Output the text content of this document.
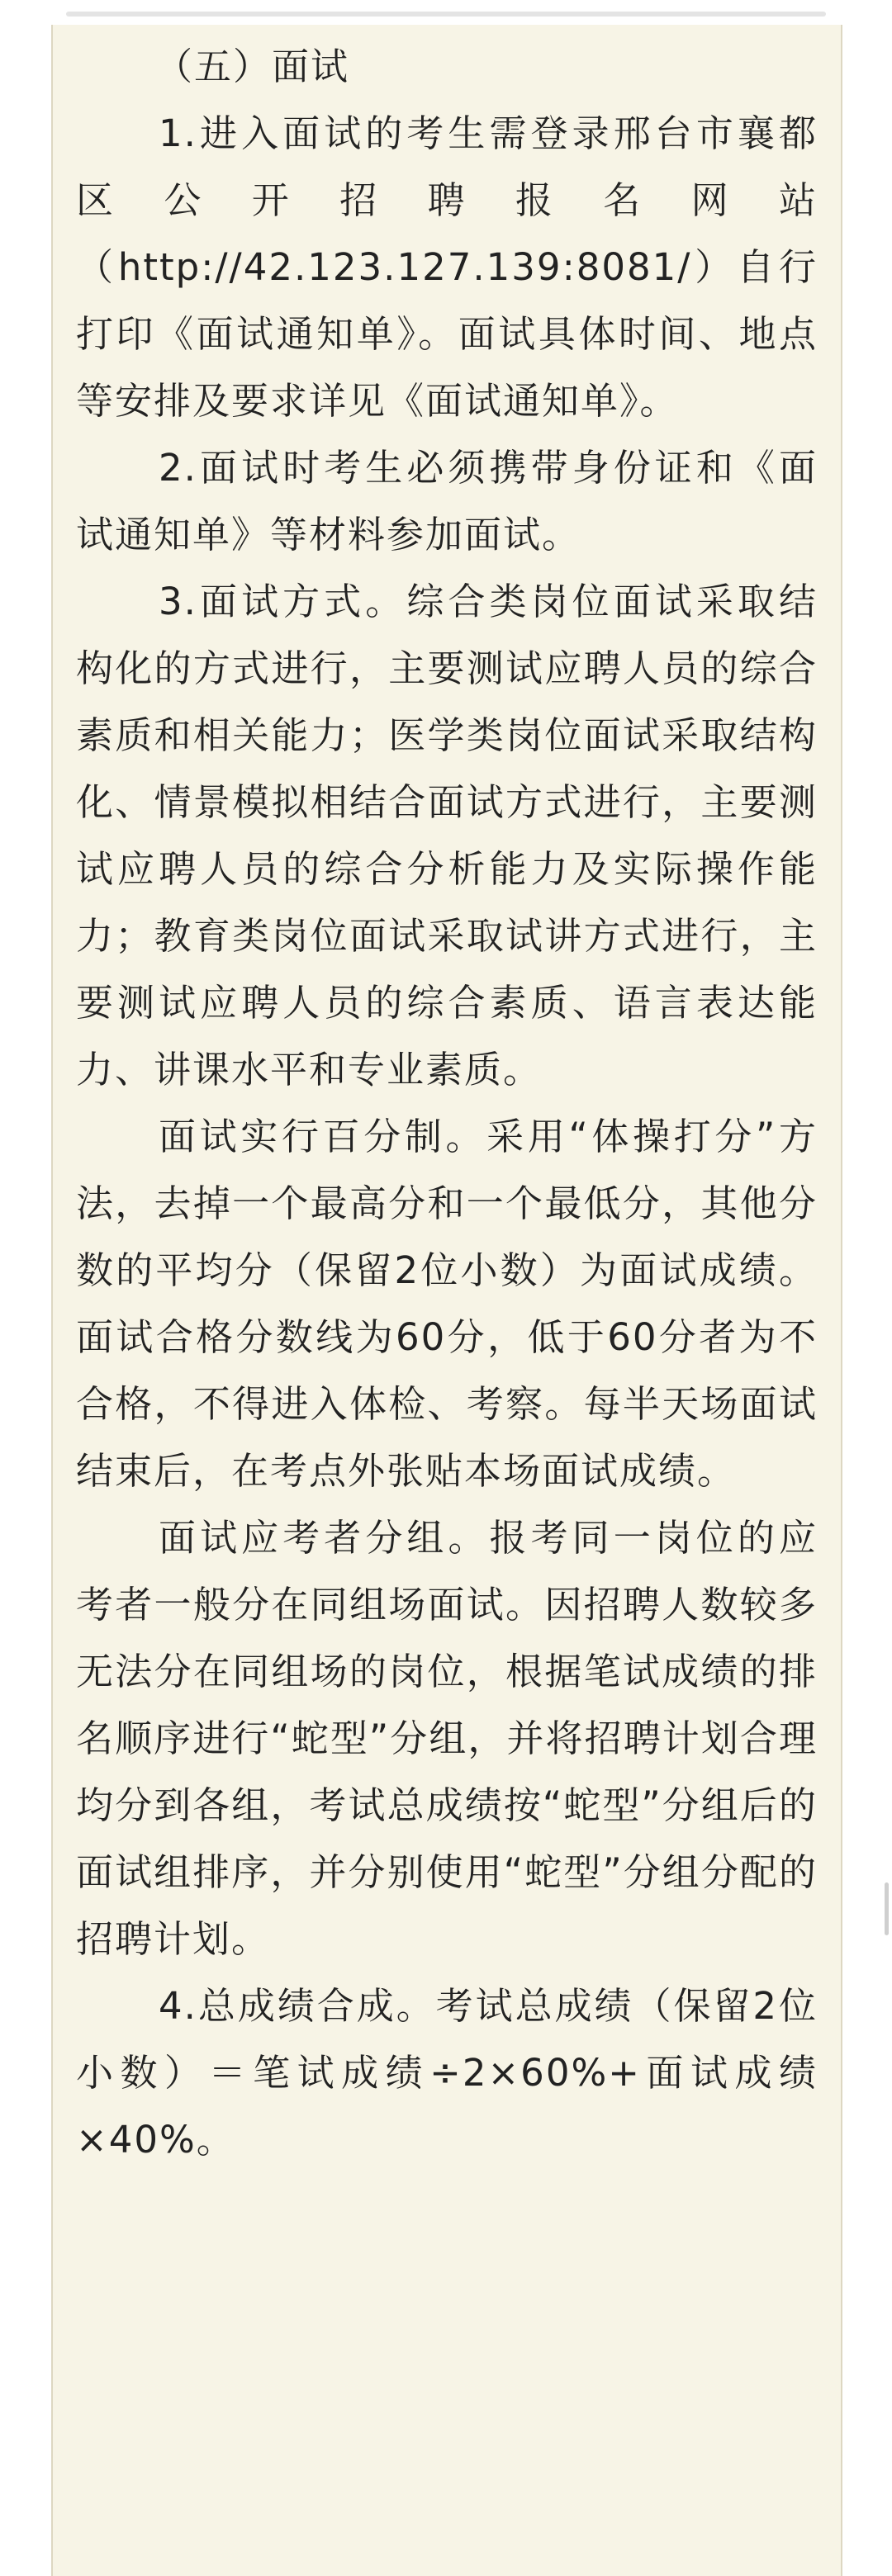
（五）面试

1.进入面试的考生需登录邢台市襄都区公开招聘报名网站（http://42.123.127.139:8081/）自行打印《面试通知单》。面试具体时间、地点等安排及要求详见《面试通知单》。

2.面试时考生必须携带身份证和《面试通知单》等材料参加面试。

3.面试方式。综合类岗位面试采取结构化的方式进行，主要测试应聘人员的综合素质和相关能力；医学类岗位面试采取结构化、情景模拟相结合面试方式进行，主要测试应聘人员的综合分析能力及实际操作能力；教育类岗位面试采取试讲方式进行，主要测试应聘人员的综合素质、语言表达能力、讲课水平和专业素质。

面试实行百分制。采用“体操打分”方法，去掉一个最高分和一个最低分，其他分数的平均分（保留2位小数）为面试成绩。面试合格分数线为60分，低于60分者为不合格，不得进入体检、考察。每半天场面试结束后，在考点外张贴本场面试成绩。

面试应考者分组。报考同一岗位的应考者一般分在同组场面试。因招聘人数较多无法分在同组场的岗位，根据笔试成绩的排名顺序进行“蛇型”分组，并将招聘计划合理均分到各组，考试总成绩按“蛇型”分组后的面试组排序，并分别使用“蛇型”分组分配的招聘计划。

4.总成绩合成。考试总成绩（保留2位小数）＝笔试成绩÷2×60%+面试成绩×40%。
